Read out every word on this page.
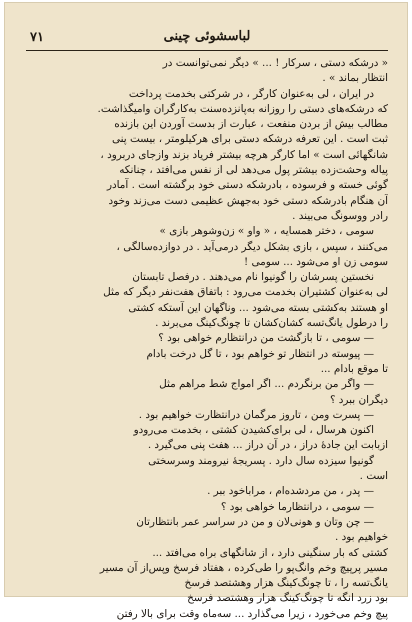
۷۱	لباسشوئی چینی
« درشکه دستی ، سرکار ! ... » دیگر نمی‌توانست در
انتظار بماند » .
در ایران ، لی به‌عنوان کارگر ، در شرکتی بخدمت پرداخت
که درشکه‌های دستی را روزانه به‌پانزده‌سنت به‌کارگران وامیگذاشت.
مطالب بیش از بردن منفعت ، عبارت از بدست آوردن این بازنده
ثبت است . این تعرفه درشکه دستی برای هرکیلومتر ، بیست پنی
شانگهائی است » اما کارگر هرچه بیشتر فریاد بزند وازجای دربرود ،
پیاله وحشت‌زده بیشتر پول می‌دهد لی از نفس می‌افتد ، چنانکه
گوئی خسته و فرسوده ، بادرشکه دستی خود برگشته است . آمادر
آن هنگام بادرشکه دستی خود به‌جهش عظیمی دست می‌زند وخود
رادر ووسونگ می‌بیند .
سومی ، دختر همسایه ، « واو » زن‌وشوهر بازی »
می‌کنند ، سپس ، بازی بشکل دیگر درمی‌آید . در دوازده‌سالگی ،
سومی زن او می‌شود ... سومی !
نخستین پسرشان را گونیوا نام می‌دهند . درفصل تابستان
لی به‌عنوان کشتیران بخدمت می‌رود : باتفاق هفت‌نفر دیگر که مثل
او هستند به‌کشتی بسته می‌شود ... وناگهان این آستکه کشتی
را درطول یانگ‌تسه کشان‌کشان تا چونگ‌کینگ می‌برند .
— سومی ، تا بازگشت من درانتظارم خواهی بود ؟
— پیوسته در انتظار تو خواهم بود ، تا گل درخت بادام
تا موقع بادام ...
— واگر من برنگردم ... اگر امواج شط مراهم مثل
دیگران ببرد ؟
— پسرت ومن ، تاروز مرگمان درانتظارت خواهیم بود .
اکنون هرسال ، لی برای‌کشیدن کشتی ، بخدمت می‌رودو
ازبابت این جادهٔ دراز ، در آن دراز ... هفت پنی می‌گیرد .
گونیوا سیزده سال دارد . پسریجهٔ نیرومند وسرسختی
است .
— پدر ، من مردشده‌ام ، مرابا‌خود ببر .
— سومی ، درانتظارما خواهی بود ؟
— چن وتان و هونی‌لان و من در سراسر عمر بانتظارتان
خواهیم بود .
کشتی که بار سنگینی دارد ، از شانگهای براه می‌افتد ...
مسیر پرپیچ وخم وانگ‌پو را طی‌کرده ، هفتاد فرسخ وپس‌از آن مسیر
یانگ‌تسه را ، تا چونگ‌کینگ هزار وهشتصد فرسخ
بود زرد انگه تا چونگ‌کینگ هزار وهشتصد فرسخ
پیچ وخم می‌خورد ، زیرا می‌گذارد ... سه‌ماه وقت برای بالا رفتن
